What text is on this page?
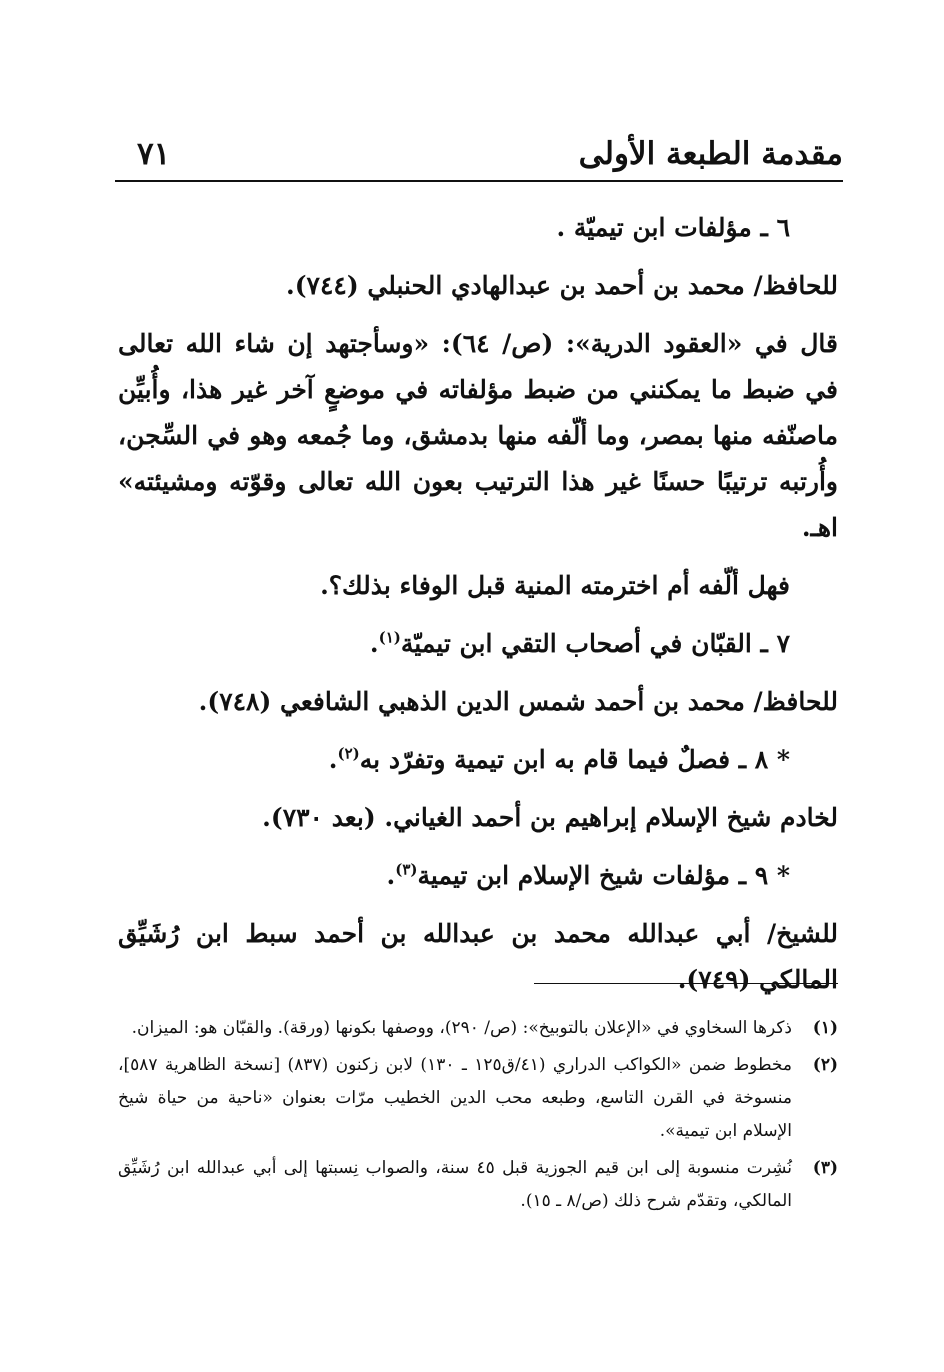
مقدمة الطبعة الأولى
٧١

٦ ـ مؤلفات ابن تيميّة .

للحافظ/ محمد بن أحمد بن عبدالهادي الحنبلي (٧٤٤).

قال في «العقود الدرية»: (ص/ ٦٤): «وسأجتهد إن شاء الله تعالى في ضبط ما يمكنني من ضبط مؤلفاته في موضعٍ آخر غير هذا، وأُبيِّن ماصنّفه منها بمصر، وما ألّفه منها بدمشق، وما جُمعه وهو في السِّجن، وأُرتبه ترتيبًا حسنًا غير هذا الترتيب بعون الله تعالى وقوّته ومشيئته» اهـ.

فهل ألّفه أم اخترمته المنية قبل الوفاء بذلك؟.

٧ ـ القبّان في أصحاب التقي ابن تيميّة$^{(١)}$.

للحافظ/ محمد بن أحمد شمس الدين الذهبي الشافعي (٧٤٨).

* ٨ ـ فصلٌ فيما قام به ابن تيمية وتفرّد به$^{(٢)}$.

لخادم شيخ الإسلام إبراهيم بن أحمد الغياني. (بعد ٧٣٠).

* ٩ ـ مؤلفات شيخ الإسلام ابن تيمية$^{(٣)}$.

للشيخ/ أبي عبدالله محمد بن عبدالله بن أحمد سبط ابن رُشَيِّق المالكي (٧٤٩).

(١)
ذكرها السخاوي في «الإعلان بالتوبيخ»: (ص/ ٢٩٠)، ووصفها بكونها (ورقة). والقبّان هو: الميزان.

(٢)
مخطوط ضمن «الكواكب الدراري (٤١/ق١٢٥ ـ ١٣٠) لابن زكنون (٨٣٧) [نسخة الظاهرية ٥٨٧]، منسوخة في القرن التاسع، وطبعه محب الدين الخطيب مرّات بعنوان «ناحية من حياة شيخ الإسلام ابن تيمية».

(٣)
نُشِرت منسوبة إلى ابن قيم الجوزية قبل ٤٥ سنة، والصواب نِسبتها إلى أبي عبدالله ابن رُشَيِّق المالكي، وتقدّم شرح ذلك (ص/٨ ـ ١٥).
